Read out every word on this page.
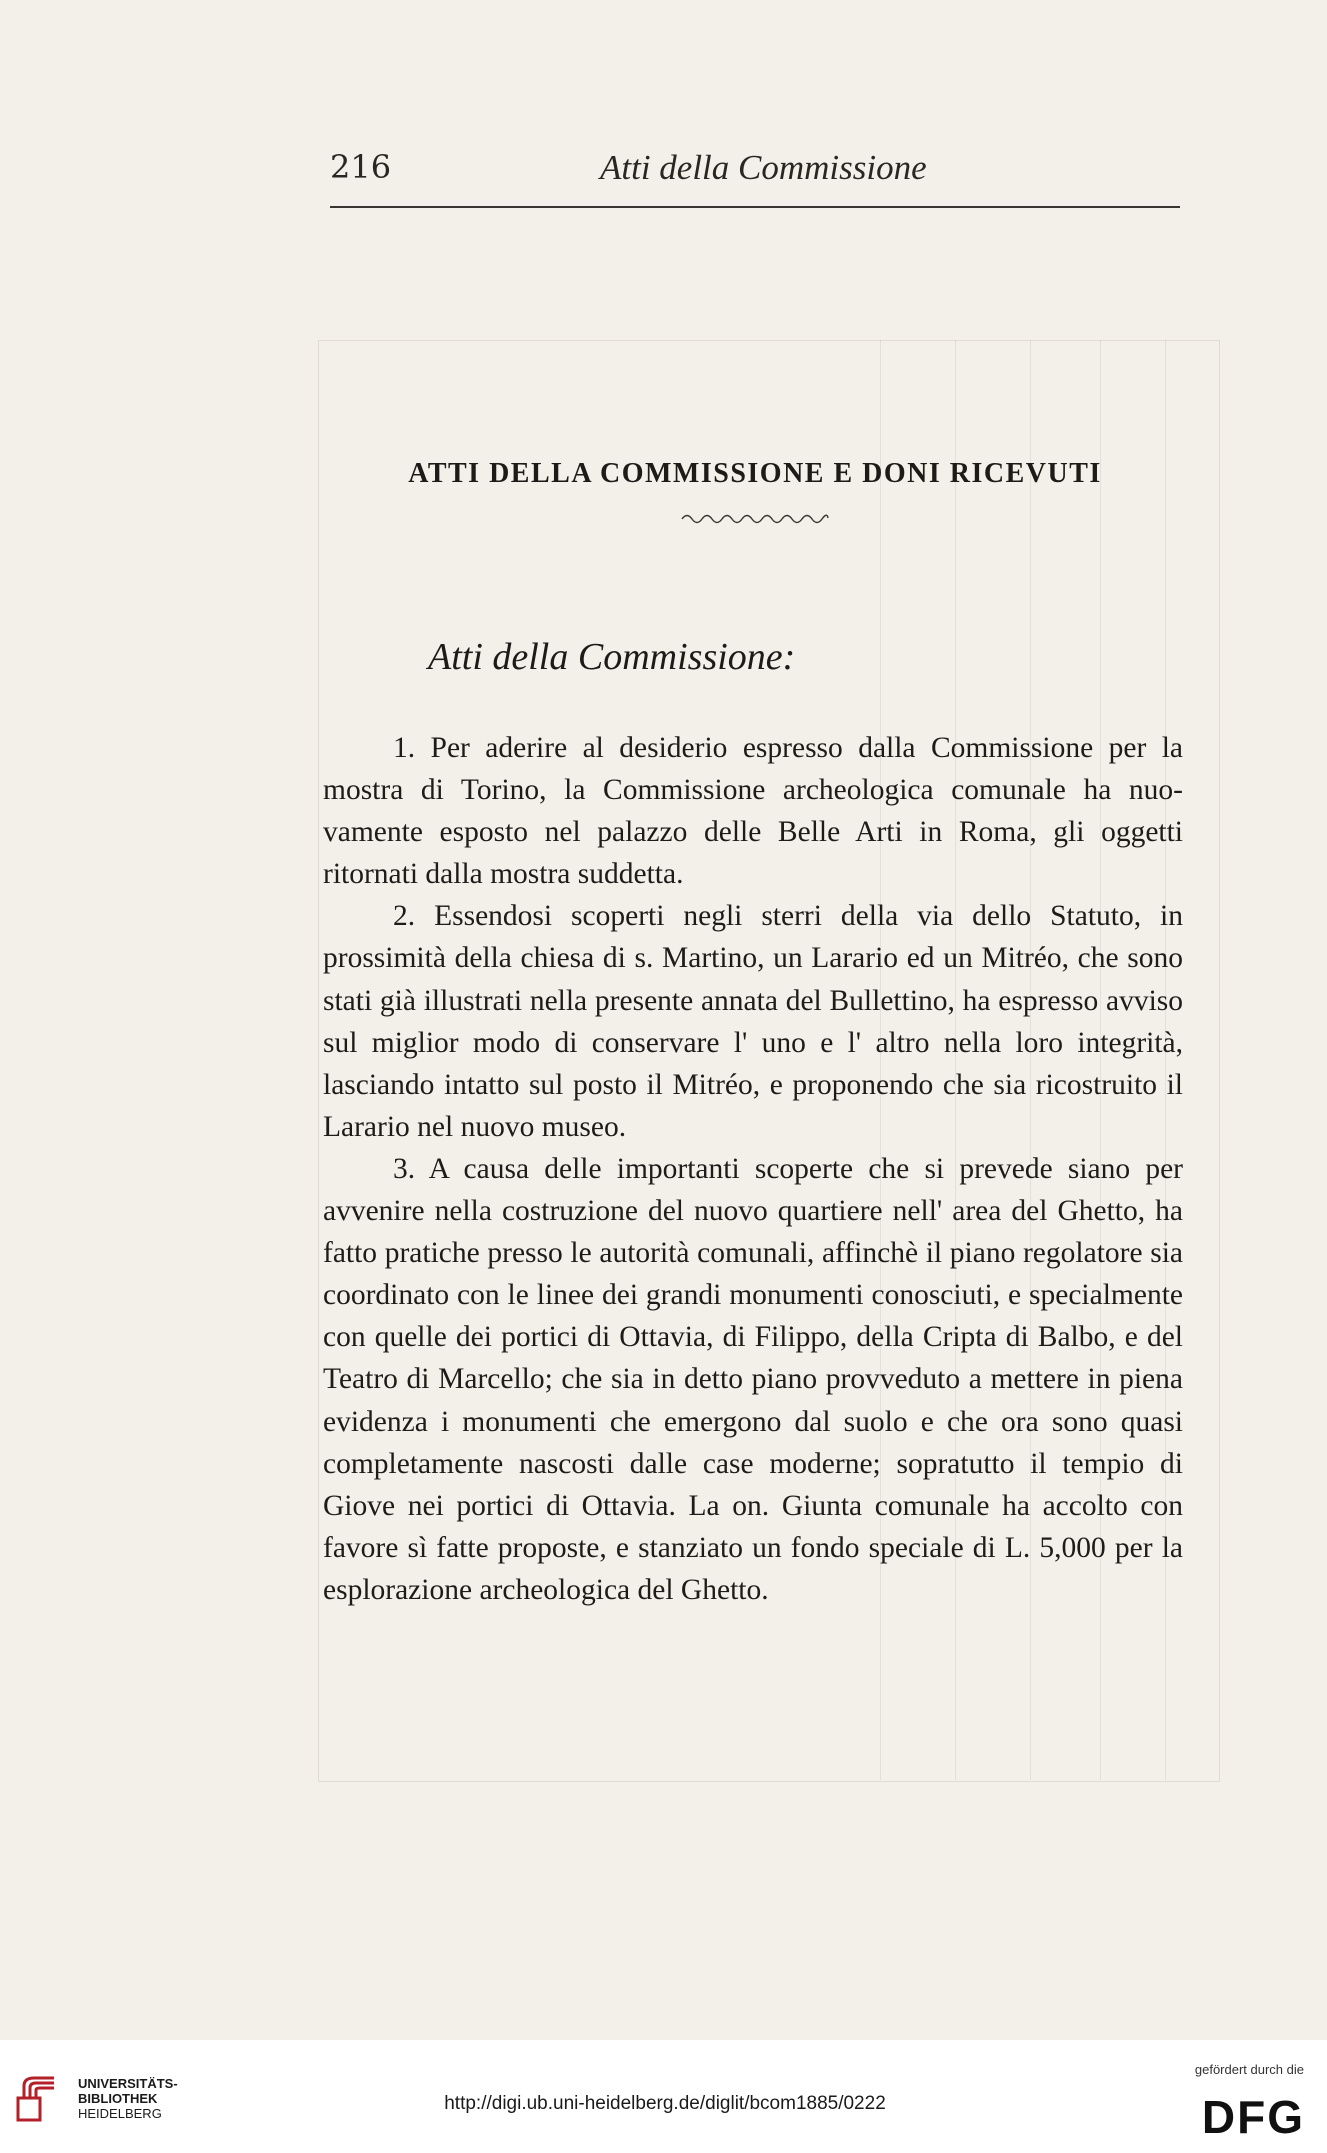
216	Atti della Commissione
ATTI DELLA COMMISSIONE E DONI RICEVUTI
Atti della Commissione:

1. Per aderire al desiderio espresso dalla Commissione per la mostra di Torino, la Commissione archeologica comunale ha nuovamente esposto nel palazzo delle Belle Arti in Roma, gli oggetti ritornati dalla mostra suddetta.

2. Essendosi scoperti negli sterri della via dello Statuto, in prossimità della chiesa di s. Martino, un Larario ed un Mitréo, che sono stati già illustrati nella presente annata del Bullettino, ha espresso avviso sul miglior modo di conservare l' uno e l' altro nella loro integrità, lasciando intatto sul posto il Mitréo, e proponendo che sia ricostruito il Larario nel nuovo museo.

3. A causa delle importanti scoperte che si prevede siano per avvenire nella costruzione del nuovo quartiere nell' area del Ghetto, ha fatto pratiche presso le autorità comunali, affinchè il piano regolatore sia coordinato con le linee dei grandi monumenti conosciuti, e specialmente con quelle dei portici di Ottavia, di Filippo, della Cripta di Balbo, e del Teatro di Marcello; che sia in detto piano provveduto a mettere in piena evidenza i monumenti che emergono dal suolo e che ora sono quasi completamente nascosti dalle case moderne; sopratutto il tempio di Giove nei portici di Ottavia. La on. Giunta comunale ha accolto con favore sì fatte proposte, e stanziato un fondo speciale di L. 5,000 per la esplorazione archeologica del Ghetto.

UNIVERSITÄTS-
BIBLIOTHEK
HEIDELBERG	http://digi.ub.uni-heidelberg.de/diglit/bcom1885/0222
gefördert durch die
DFG
